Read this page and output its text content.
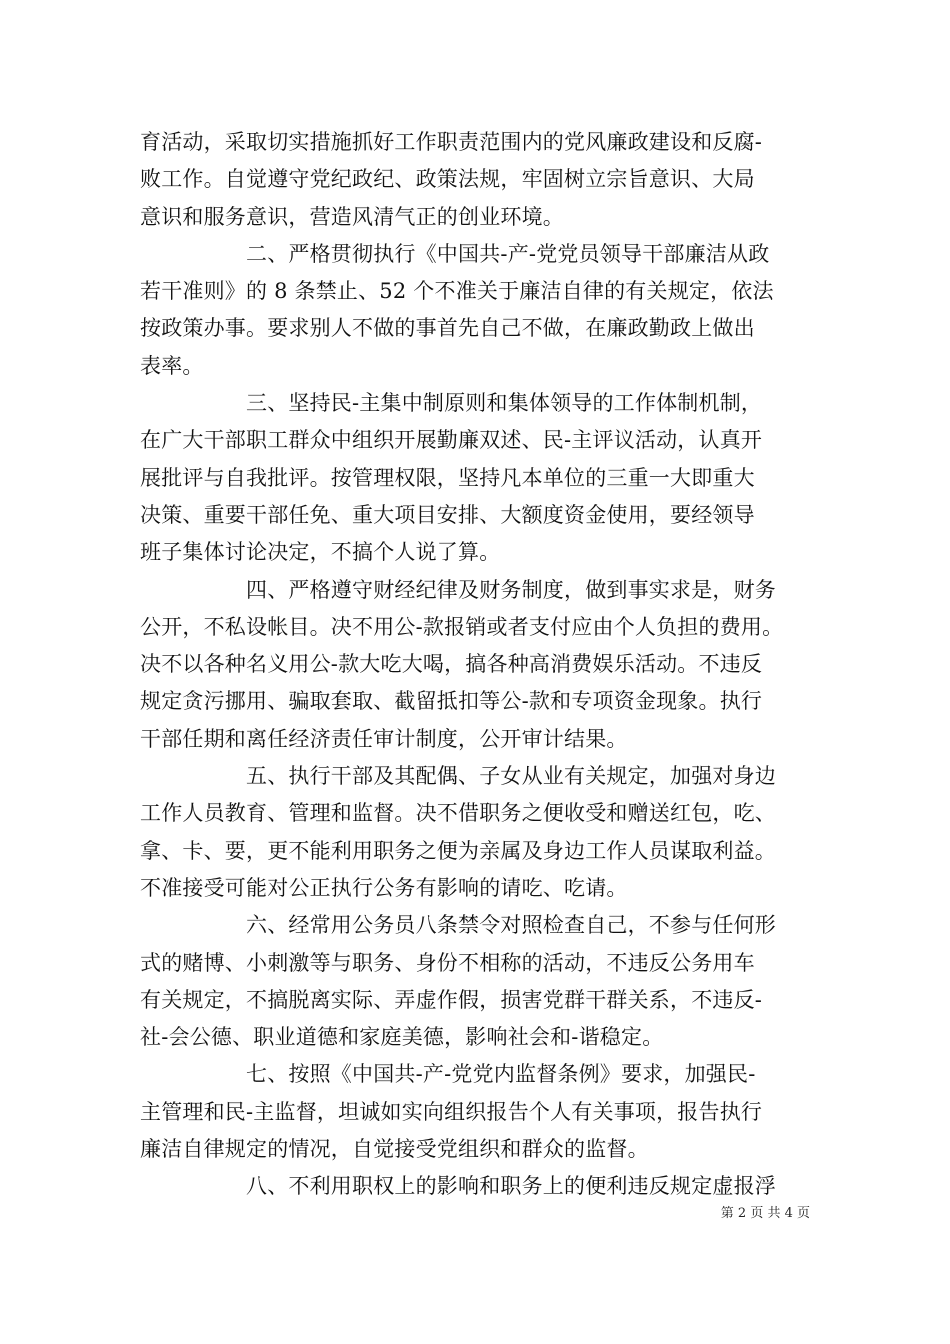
育活动，采取切实措施抓好工作职责范围内的党风廉政建设和反腐-
败工作。自觉遵守党纪政纪、政策法规，牢固树立宗旨意识、大局
意识和服务意识，营造风清气正的创业环境。
　　　　　二、严格贯彻执行《中国共-产-党党员领导干部廉洁从政
若干准则》的 8 条禁止、52 个不准关于廉洁自律的有关规定，依法
按政策办事。要求别人不做的事首先自己不做，在廉政勤政上做出
表率。
　　　　　三、坚持民-主集中制原则和集体领导的工作体制机制，
在广大干部职工群众中组织开展勤廉双述、民-主评议活动，认真开
展批评与自我批评。按管理权限，坚持凡本单位的三重一大即重大
决策、重要干部任免、重大项目安排、大额度资金使用，要经领导
班子集体讨论决定，不搞个人说了算。
　　　　　四、严格遵守财经纪律及财务制度，做到事实求是，财务
公开，不私设帐目。决不用公-款报销或者支付应由个人负担的费用。
决不以各种名义用公-款大吃大喝，搞各种高消费娱乐活动。不违反
规定贪污挪用、骗取套取、截留抵扣等公-款和专项资金现象。执行
干部任期和离任经济责任审计制度，公开审计结果。
　　　　　五、执行干部及其配偶、子女从业有关规定，加强对身边
工作人员教育、管理和监督。决不借职务之便收受和赠送红包，吃、
拿、卡、要，更不能利用职务之便为亲属及身边工作人员谋取利益。
不准接受可能对公正执行公务有影响的请吃、吃请。
　　　　　六、经常用公务员八条禁令对照检查自己，不参与任何形
式的赌博、小刺激等与职务、身份不相称的活动，不违反公务用车
有关规定，不搞脱离实际、弄虚作假，损害党群干群关系，不违反-
社-会公德、职业道德和家庭美德，影响社会和-谐稳定。
　　　　　七、按照《中国共-产-党党内监督条例》要求，加强民-
主管理和民-主监督，坦诚如实向组织报告个人有关事项，报告执行
廉洁自律规定的情况，自觉接受党组织和群众的监督。
　　　　　八、不利用职权上的影响和职务上的便利违反规定虚报浮
第 2 页 共 4 页
